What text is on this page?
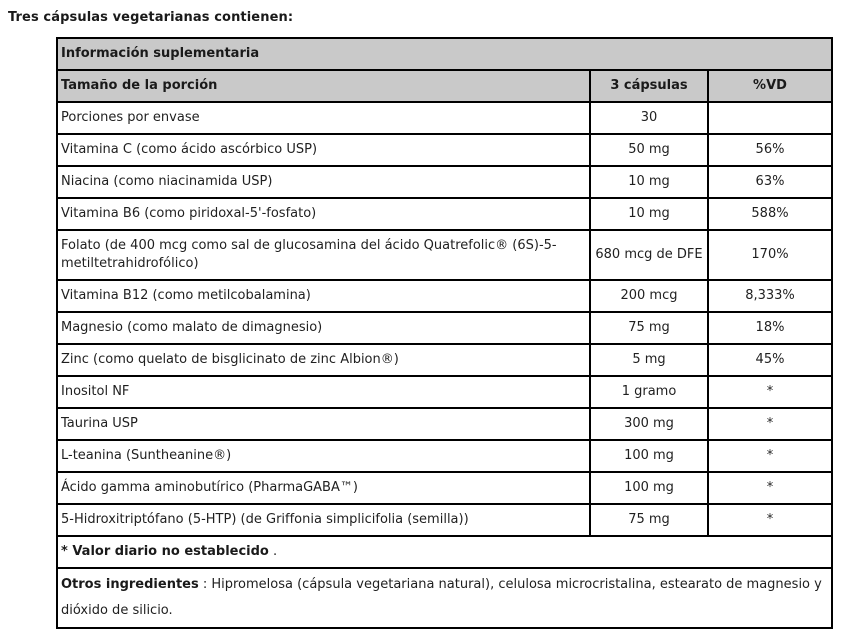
Tres cápsulas vegetarianas contienen:
Información suplementaria		
Tamaño de la porción	3 cápsulas	%VD
Porciones por envase	30	
Vitamina C (como ácido ascórbico USP)	50 mg	56%
Niacina (como niacinamida USP)	10 mg	63%
Vitamina B6 (como piridoxal-5'-fosfato)	10 mg	588%
Folato (de 400 mcg como sal de glucosamina del ácido Quatrefolic® (6S)-5-metiltetrahidrofólico)	680 mcg de DFE	170%
Vitamina B12 (como metilcobalamina)	200 mcg	8,333%
Magnesio (como malato de dimagnesio)	75 mg	18%
Zinc (como quelato de bisglicinato de zinc Albion®)	5 mg	45%
Inositol NF	1 gramo	*
Taurina USP	300 mg	*
L-teanina (Suntheanine®)	100 mg	*
Ácido gamma aminobutírico (PharmaGABA™)	100 mg	*
5-Hidroxitriptófano (5-HTP) (de Griffonia simplicifolia (semilla))	75 mg	*
* Valor diario no establecido .		
Otros ingredientes : Hipromelosa (cápsula vegetariana natural), celulosa microcristalina, estearato de magnesio y dióxido de silicio.		
